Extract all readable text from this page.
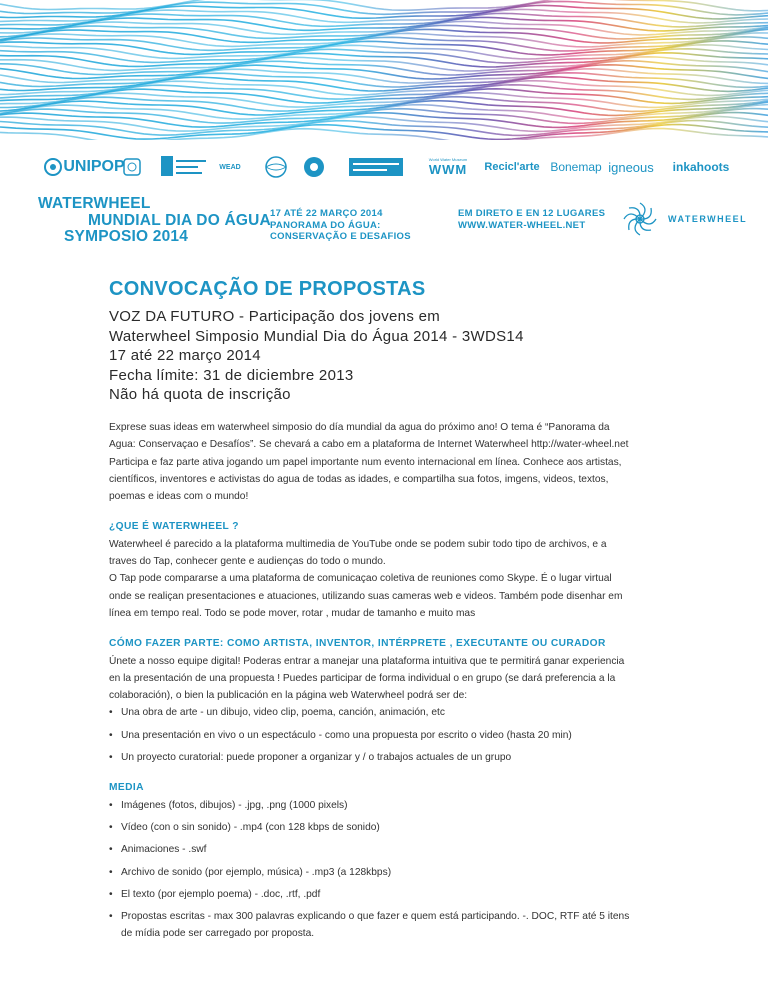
UNIPOP	WEAD
World Water Museum
WWM Recicl'arte Bonemap igneous inkahoots
WATERWHEEL
MUNDIAL DIA DO ÁGUA
SYMPOSIO 2014
17 ATÉ 22 MARÇO 2014
PANORAMA DO ÁGUA:
CONSERVAÇÃO E DESAFIOS
EM DIRETO E EN 12 LUGARES
WWW.WATER-WHEEL.NET
WATERWHEEL
CONVOCAÇÃO DE PROPOSTAS
VOZ DA FUTURO - Participação dos jovens em
Waterwheel Simposio Mundial Dia do Água 2014 - 3WDS14
17 até 22 março 2014
Fecha límite: 31 de diciembre 2013
Não há quota de inscrição

Exprese suas ideas em waterwheel simposio do día mundial da agua do próximo ano! O tema é “Panorama da

Agua: Conservaçao e Desafíos”. Se chevará a cabo em a plataforma de Internet Waterwheel http://water-wheel.net

Participa e faz parte ativa jogando um papel importante num evento internacional em línea. Conhece aos artistas,

científicos, inventores e activistas do agua de todas as idades, e compartilha sua fotos, imgens, videos, textos,

poemas e ideas com o mundo!

¿QUE É WATERWHEEL ?

Waterwheel é parecido a la plataforma multimedia de YouTube onde se podem subir todo tipo de archivos, e a

traves do Tap, conhecer gente e audienças do todo o mundo.

O Tap pode compararse a uma plataforma de comunicaçao coletiva de reuniones como Skype. É o lugar virtual

onde se realiçan presentaciones e atuaciones, utilizando suas cameras web e videos. Também pode disenhar em

línea em tempo real. Todo se pode mover, rotar , mudar de tamanho e muito mas

CÓMO FAZER PARTE: COMO ARTISTA, INVENTOR, INTÉRPRETE , EXECUTANTE OU CURADOR

Únete a nosso equipe digital! Poderas entrar a manejar una plataforma intuitiva que te permitirá ganar experiencia

en la presentación de una propuesta ! Puedes participar de forma individual o en grupo (se dará preferencia a la

colaboración), o bien la publicación en la página web Waterwheel podrá ser de:

• Una obra de arte - un dibujo, video clip, poema, canción, animación, etc

• Una presentación en vivo o un espectáculo - como una propuesta por escrito o video (hasta 20 min)

• Un proyecto curatorial: puede proponer a organizar y / o trabajos actuales de un grupo

MEDIA

• Imágenes (fotos, dibujos) - .jpg, .png (1000 pixels)

• Vídeo (con o sin sonido) - .mp4 (con 128 kbps de sonido)

• Animaciones - .swf

• Archivo de sonido (por ejemplo, música) - .mp3 (a 128kbps)

• El texto (por ejemplo poema) - .doc, .rtf, .pdf

• Propostas escritas - max 300 palavras explicando o que fazer e quem está participando. -. DOC, RTF até 5 itens

de mídia pode ser carregado por proposta.
